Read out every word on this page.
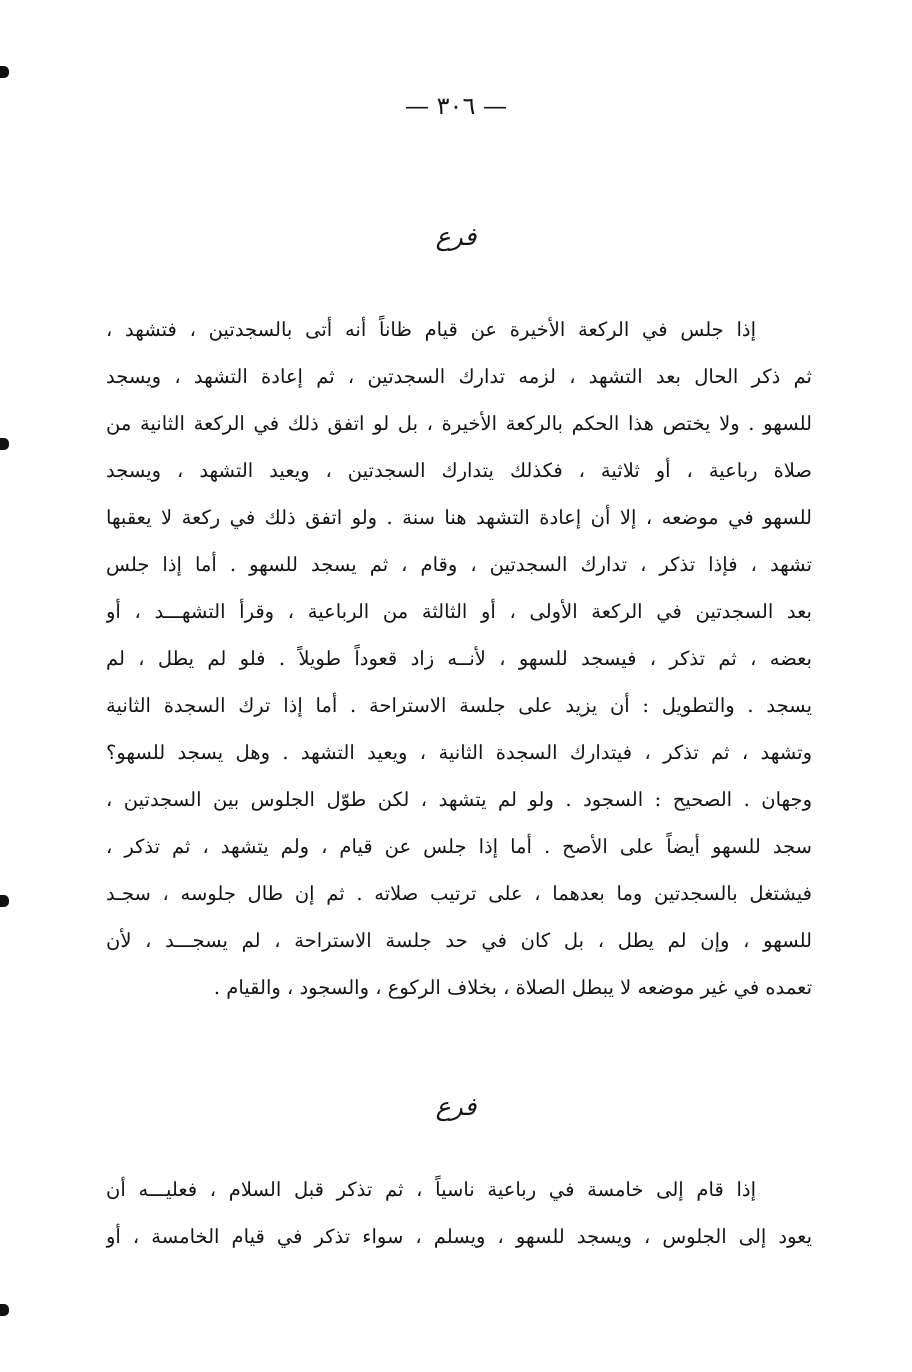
— ٣٠٦ —
فرع
إذا جلس في الركعة الأخيرة عن قيام ظاناً أنه أتى بالسجدتين ، فتشهد ،
ثم ذكر الحال بعد التشهد ، لزمه تدارك السجدتين ، ثم إعادة التشهد ، ويسجد
للسهو . ولا يختص هذا الحكم بالركعة الأخيرة ، بل لو اتفق ذلك في الركعة الثانية من
صلاة رباعية ، أو ثلاثية ، فكذلك يتدارك السجدتين ، ويعيد التشهد ، ويسجد
للسهو في موضعه ، إلا أن إعادة التشهد هنا سنة . ولو اتفق ذلك في ركعة لا يعقبها
تشهد ، فإذا تذكر ، تدارك السجدتين ، وقام ، ثم يسجد للسهو . أما إذا جلس
بعد السجدتين في الركعة الأولى ، أو الثالثة من الرباعية ، وقرأ التشهـــد ، أو
بعضه ، ثم تذكر ، فيسجد للسهو ، لأنــه زاد قعوداً طويلاً . فلو لم يطل ، لم
يسجد . والتطويل : أن يزيد على جلسة الاستراحة . أما إذا ترك السجدة الثانية
وتشهد ، ثم تذكر ، فيتدارك السجدة الثانية ، ويعيد التشهد . وهل يسجد للسهو؟
وجهان . الصحيح : السجود . ولو لم يتشهد ، لكن طوّل الجلوس بين السجدتين ،
سجد للسهو أيضاً على الأصح . أما إذا جلس عن قيام ، ولم يتشهد ، ثم تذكر ،
فيشتغل بالسجدتين وما بعدهما ، على ترتيب صلاته . ثم إن طال جلوسه ، سجـد
للسهو ، وإن لم يطل ، بل كان في حد جلسة الاستراحة ، لم يسجـــد ، لأن
تعمده في غير موضعه لا يبطل الصلاة ، بخلاف الركوع ، والسجود ، والقيام .
فرع
إذا قام إلى خامسة في رباعية ناسياً ، ثم تذكر قبل السلام ، فعليـــه أن
يعود إلى الجلوس ، ويسجد للسهو ، ويسلم ، سواء تذكر في قيام الخامسة ، أو
